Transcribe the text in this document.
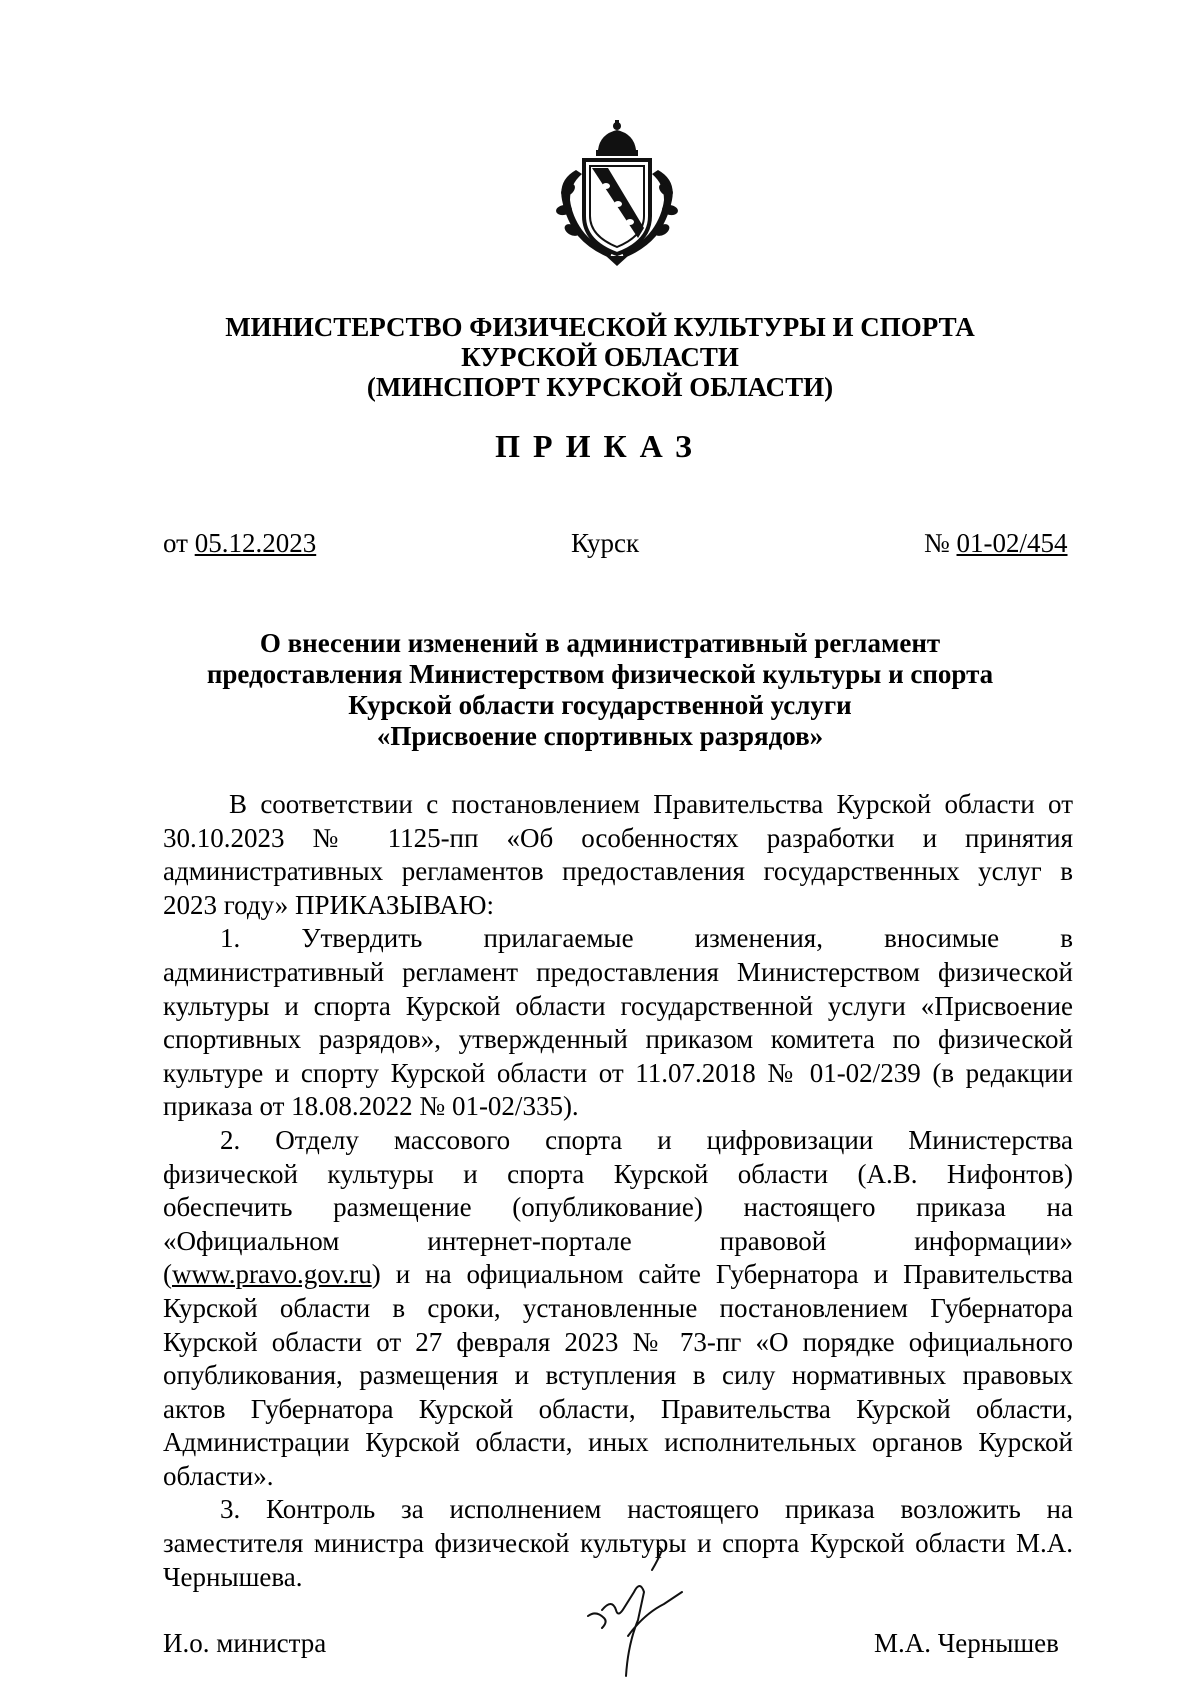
МИНИСТЕРСТВО ФИЗИЧЕСКОЙ КУЛЬТУРЫ И СПОРТА
КУРСКОЙ ОБЛАСТИ
(МИНСПОРТ КУРСКОЙ ОБЛАСТИ)
ПРИКАЗ
от 05.12.2023	Курск	№ 01-02/454
О внесении изменений в административный регламент
предоставления Министерством физической культуры и спорта
Курской области государственной услуги
«Присвоение спортивных разрядов»
В соответствии с постановлением Правительства Курской области от
30.10.2023 № 1125-пп «Об особенностях разработки и принятия
административных регламентов предоставления государственных услуг в
2023 году» ПРИКАЗЫВАЮ:
1. Утвердить прилагаемые изменения, вносимые в
административный регламент предоставления Министерством физической
культуры и спорта Курской области государственной услуги «Присвоение
спортивных разрядов», утвержденный приказом комитета по физической
культуре и спорту Курской области от 11.07.2018 № 01-02/239 (в редакции
приказа от 18.08.2022 № 01-02/335).
2. Отделу массового спорта и цифровизации Министерства
физической культуры и спорта Курской области (А.В. Нифонтов)
обеспечить размещение (опубликование) настоящего приказа на
«Официальном интернет-портале правовой информации»
(www.pravo.gov.ru) и на официальном сайте Губернатора и Правительства
Курской области в сроки, установленные постановлением Губернатора
Курской области от 27 февраля 2023 № 73-пг «О порядке официального
опубликования, размещения и вступления в силу нормативных правовых
актов Губернатора Курской области, Правительства Курской области,
Администрации Курской области, иных исполнительных органов Курской
области».
3. Контроль за исполнением настоящего приказа возложить на
заместителя министра физической культуры и спорта Курской области М.А.
Чернышева.
И.о. министра	М.А. Чернышев
